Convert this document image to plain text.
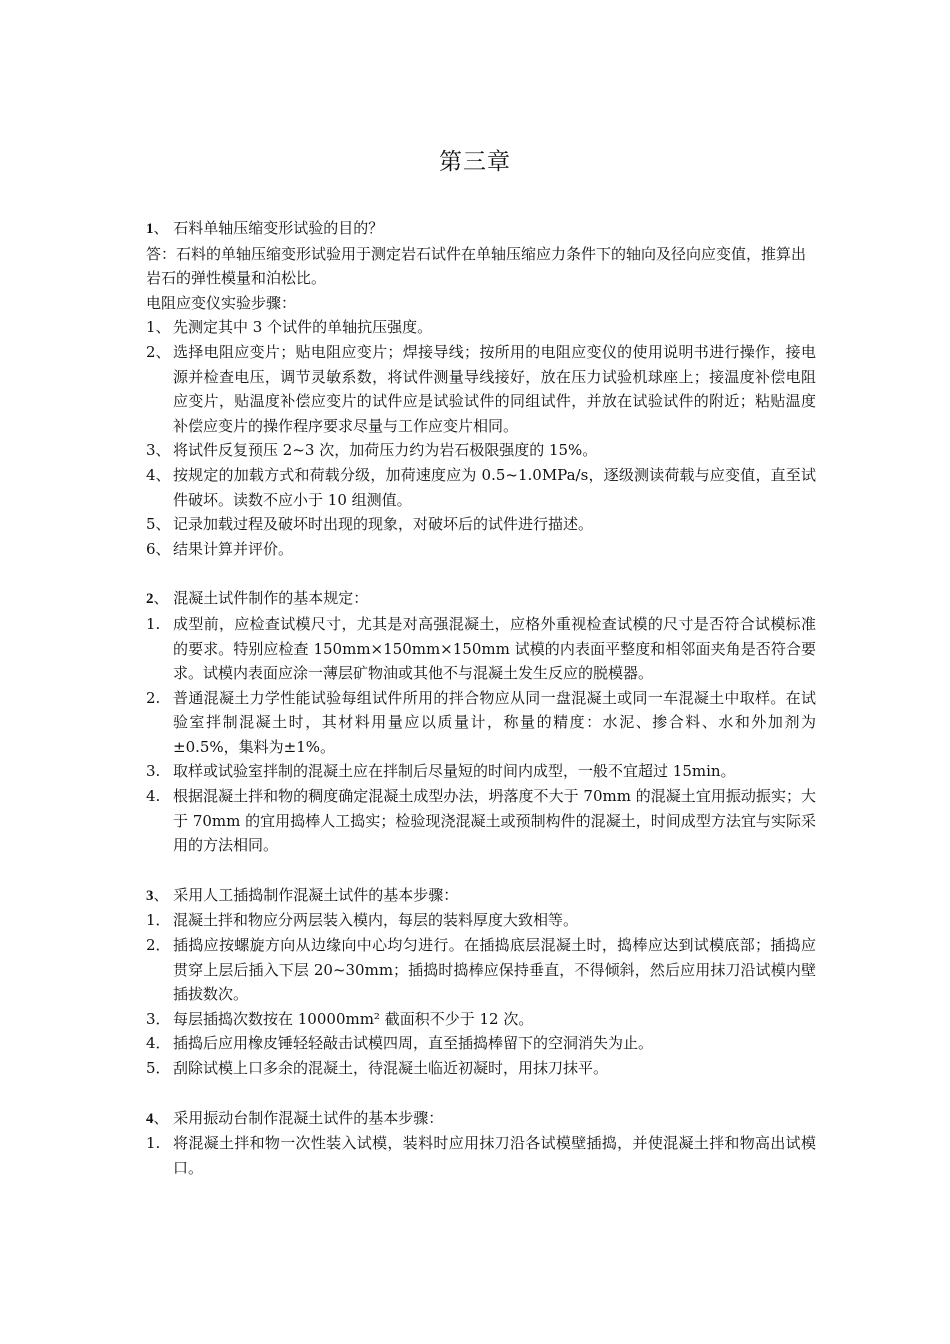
第三章

1、 石料单轴压缩变形试验的目的？

答：石料的单轴压缩变形试验用于测定岩石试件在单轴压缩应力条件下的轴向及径向应变值，推算出岩石的弹性模量和泊松比。

电阻应变仪实验步骤：

1、 先测定其中 3 个试件的单轴抗压强度。
2、 选择电阻应变片；贴电阻应变片；焊接导线；按所用的电阻应变仪的使用说明书进行操作，接电源并检查电压，调节灵敏系数，将试件测量导线接好，放在压力试验机球座上；接温度补偿电阻应变片，贴温度补偿应变片的试件应是试验试件的同组试件，并放在试验试件的附近；粘贴温度补偿应变片的操作程序要求尽量与工作应变片相同。
3、 将试件反复预压 2~3 次，加荷压力约为岩石极限强度的 15%。
4、 按规定的加载方式和荷载分级，加荷速度应为 0.5~1.0MPa/s，逐级测读荷载与应变值，直至试件破坏。读数不应小于 10 组测值。
5、 记录加载过程及破坏时出现的现象，对破坏后的试件进行描述。
6、 结果计算并评价。

2、 混凝土试件制作的基本规定：

1. 成型前，应检查试模尺寸，尤其是对高强混凝土，应格外重视检查试模的尺寸是否符合试模标准的要求。特别应检查 150mm×150mm×150mm 试模的内表面平整度和相邻面夹角是否符合要求。试模内表面应涂一薄层矿物油或其他不与混凝土发生反应的脱模器。
2. 普通混凝土力学性能试验每组试件所用的拌合物应从同一盘混凝土或同一车混凝土中取样。在试验室拌制混凝土时，其材料用量应以质量计，称量的精度：水泥、掺合料、水和外加剂为±0.5%，集料为±1%。
3. 取样或试验室拌制的混凝土应在拌制后尽量短的时间内成型，一般不宜超过 15min。
4. 根据混凝土拌和物的稠度确定混凝土成型办法，坍落度不大于 70mm 的混凝土宜用振动振实；大于 70mm 的宜用捣棒人工捣实；检验现浇混凝土或预制构件的混凝土，时间成型方法宜与实际采用的方法相同。

3、 采用人工插捣制作混凝土试件的基本步骤：

1． 混凝土拌和物应分两层装入模内，每层的装料厚度大致相等。
2． 插捣应按螺旋方向从边缘向中心均匀进行。在插捣底层混凝土时，捣棒应达到试模底部；插捣应贯穿上层后插入下层 20~30mm；插捣时捣棒应保持垂直，不得倾斜，然后应用抹刀沿试模内壁插拔数次。
3． 每层插捣次数按在 10000mm² 截面积不少于 12 次。
4． 插捣后应用橡皮锤轻轻敲击试模四周，直至插捣棒留下的空洞消失为止。
5． 刮除试模上口多余的混凝土，待混凝土临近初凝时，用抹刀抹平。

4、 采用振动台制作混凝土试件的基本步骤：

1. 将混凝土拌和物一次性装入试模，装料时应用抹刀沿各试模壁插捣，并使混凝土拌和物高出试模口。
